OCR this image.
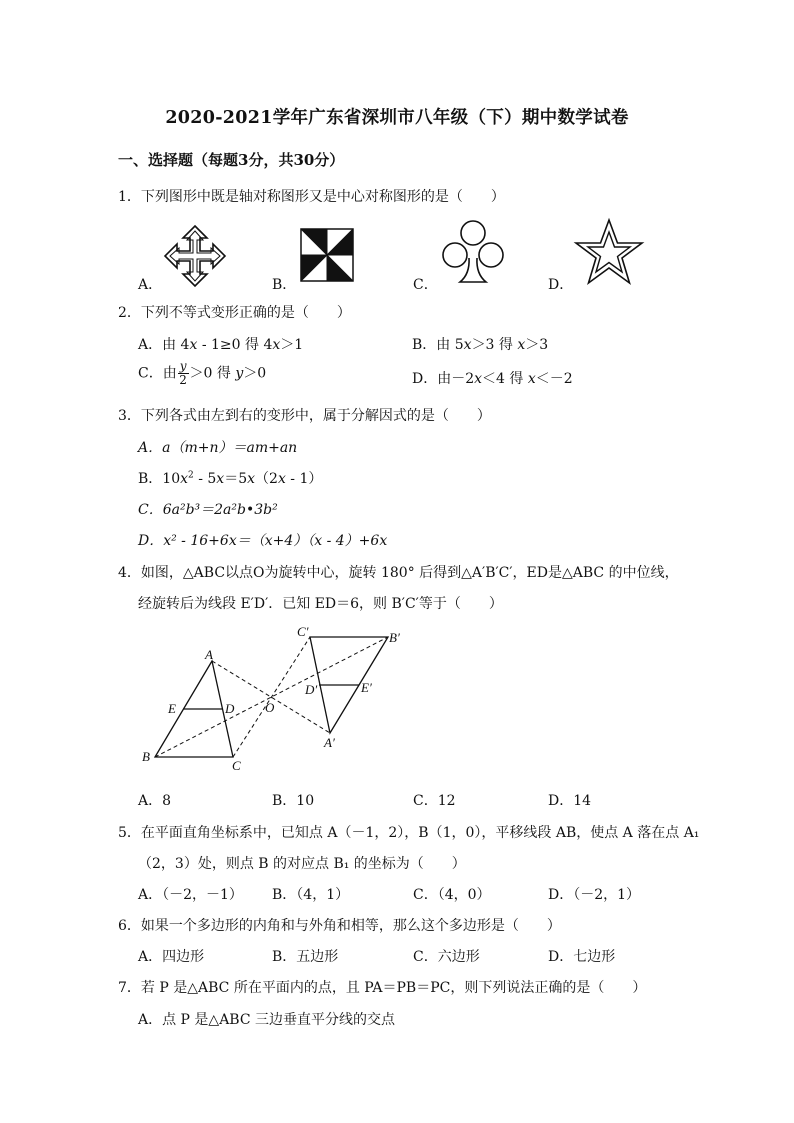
2020-2021学年广东省深圳市八年级（下）期中数学试卷
一、选择题（每题3分，共30分）
1．下列图形中既是轴对称图形又是中心对称图形的是（　　）
A．	B．	C．	D．
2．下列不等式变形正确的是（　　）
A．由 4x - 1≥0 得 4x＞1	B．由 5x＞3 得 x＞3
C．由 $\frac{y}{2} >0$ 得 y＞0	D．由－2x＜4 得 x＜－2
3．下列各式由左到右的变形中，属于分解因式的是（　　）
A．a（m+n）＝am+an
B．$10x^2 - 5x=5x(2x - 1)$
C．6a²b³＝2a²b•3b²
D．x² - 16+6x＝（x+4）（x - 4）+6x
4．如图，△ABC以点O为旋转中心，旋转 180° 后得到△A′B′C′，ED是△ABC 的中位线，
经旋转后为线段 E′D′．已知 ED＝6，则 B′C′等于（　　）
A
B
C
E	D O
A′
B′
C′
D′	E′
A．8	B．10	C．12	D．14
5．在平面直角坐标系中，已知点 A（－1，2），B（1，0），平移线段 AB，使点 A 落在点 A₁
（2，3）处，则点 B 的对应点 B₁ 的坐标为（　　）
A．（－2，－1） B．（4，1）	C．（4，0）	D．（－2，1）
6．如果一个多边形的内角和与外角和相等，那么这个多边形是（　　）
A．四边形	B．五边形	C．六边形	D．七边形
7．若 P 是△ABC 所在平面内的点，且 PA＝PB＝PC，则下列说法正确的是（　　）
A．点 P 是△ABC 三边垂直平分线的交点
